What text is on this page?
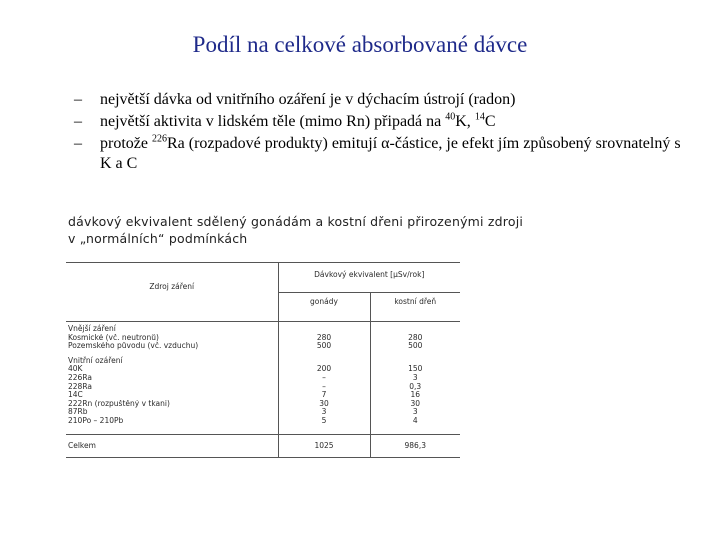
Podíl na celkové absorbované dávce
– největší dávka od vnitřního ozáření je v dýchacím ústrojí (radon)
– největší aktivita v lidském těle (mimo Rn) připadá na $^{40}$K, $^{14}$C
– protože $^{226}$Ra (rozpadové produkty) emitují α-částice, je efekt jím způsobený srovnatelný s K a C
dávkový ekvivalent sdělený gonádám a kostní dřeni přirozenými zdroji
v „normálních“ podmínkách
Zdroj záření	Dávkový ekvivalent [µSv/rok]	
	gonády	kostní dřeň
Vnější záření		
Kosmické (vč. neutronů)	280	280
Pozemského původu (vč. vzduchu)	500	500
Vnitřní ozáření		
40K	200	150
226Ra	–	3
228Ra	–	0,3
14C	7	16
222Rn (rozpuštěný v tkani)	30	30
87Rb	3	3
210Po – 210Pb	5	4
Celkem	1025	986,3
